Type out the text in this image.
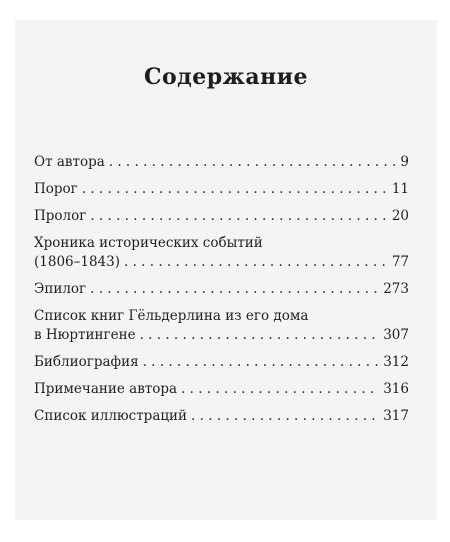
Содержание
От автора . . .	9
Порог . . .	11
Пролог . . .	20
Хроника исторических событий
(1806–1843) . . .	77
Эпилог . . .	273
Список книг Гёльдерлина из его дома
в Нюртингене . . .	307
Библиография . . .	312
Примечание автора . . .	316
Список иллюстраций . . .	317
